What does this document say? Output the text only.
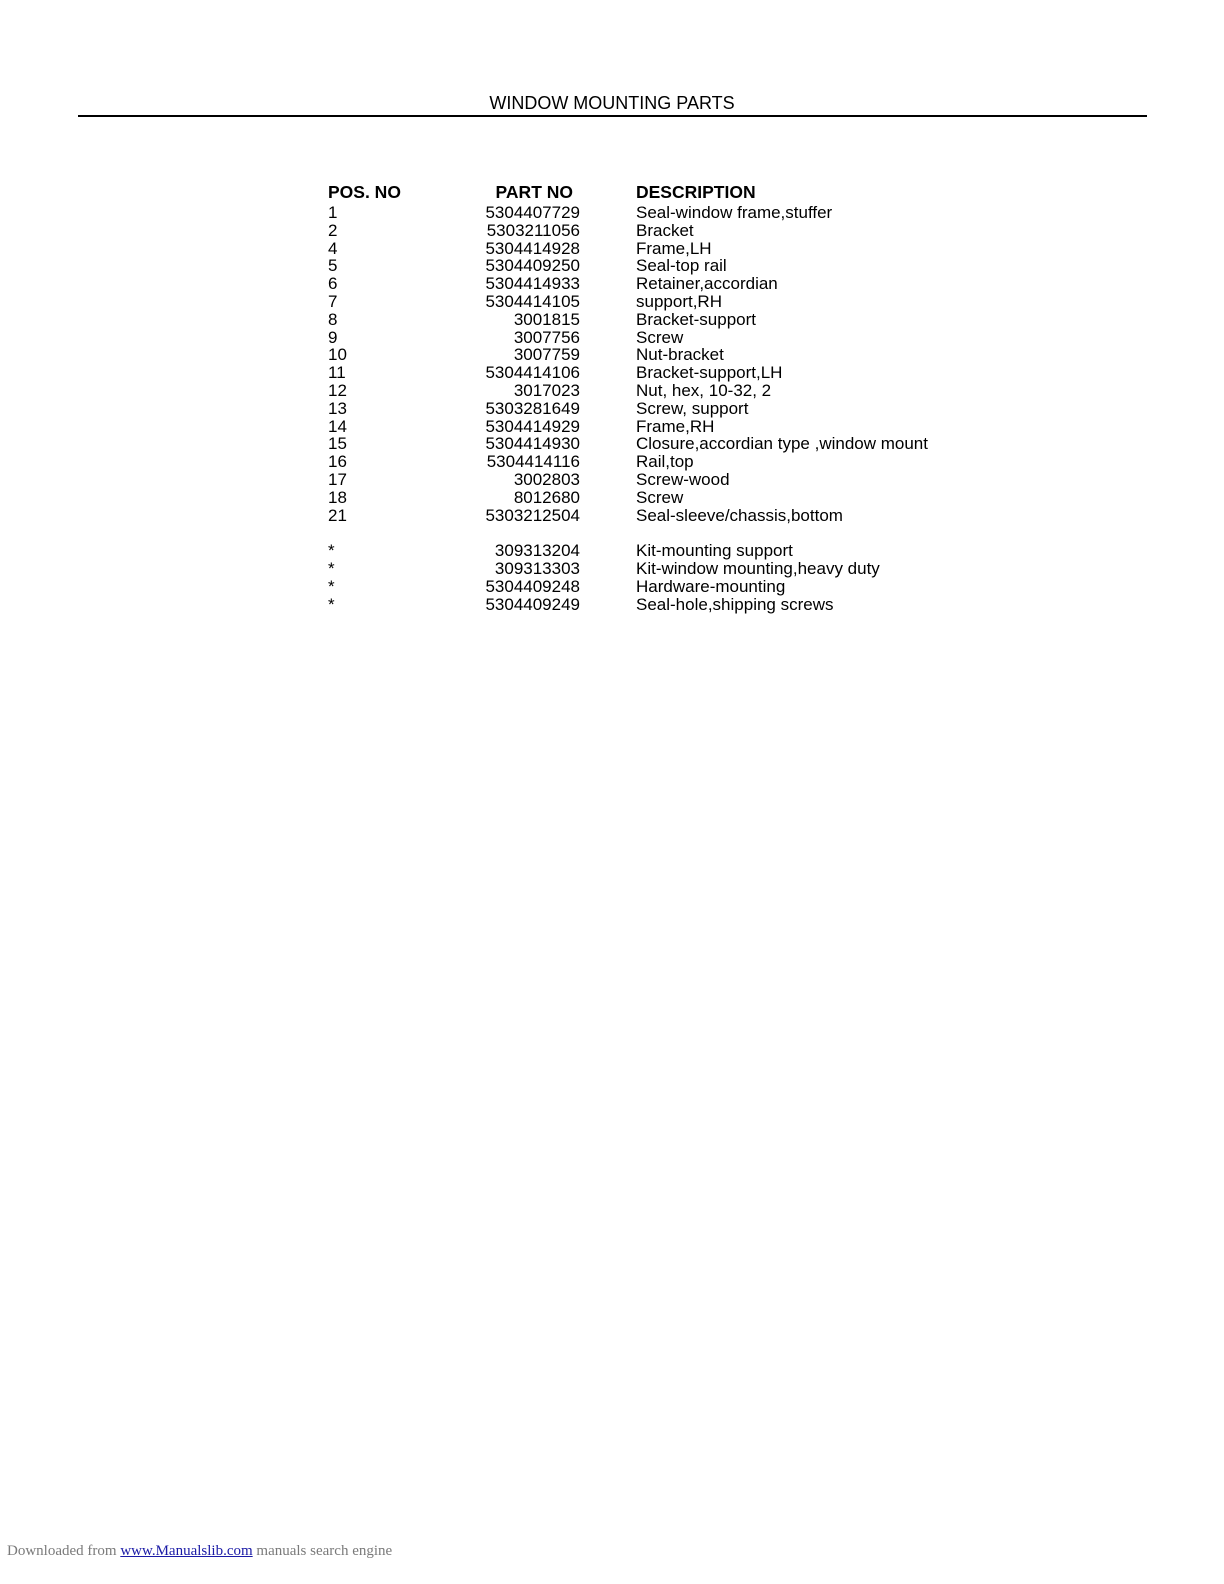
WINDOW MOUNTING PARTS
POS. NO	PART NO	DESCRIPTION
1	5304407729	Seal-window frame,stuffer
2	5303211056	Bracket
4	5304414928	Frame,LH
5	5304409250	Seal-top rail
6	5304414933	Retainer,accordian
7	5304414105	support,RH
8	3001815	Bracket-support
9	3007756	Screw
10	3007759	Nut-bracket
11	5304414106	Bracket-support,LH
12	3017023	Nut, hex, 10-32, 2
13	5303281649	Screw, support
14	5304414929	Frame,RH
15	5304414930	Closure,accordian type ,window mount
16	5304414116	Rail,top
17	3002803	Screw-wood
18	8012680	Screw
21	5303212504	Seal-sleeve/chassis,bottom
*	309313204	Kit-mounting support
*	309313303	Kit-window mounting,heavy duty
*	5304409248	Hardware-mounting
*	5304409249	Seal-hole,shipping screws
Downloaded from www.Manualslib.com manuals search engine
